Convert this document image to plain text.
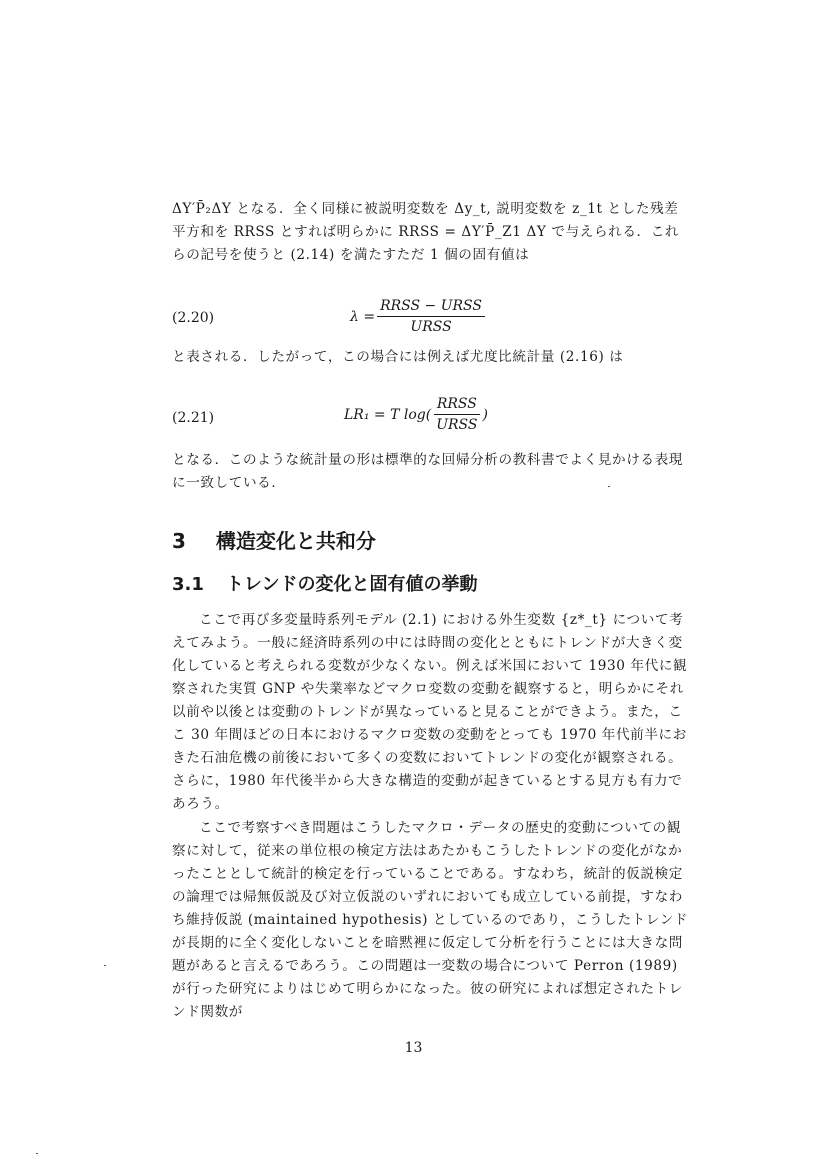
ΔY′P̄₂ΔY となる．全く同様に被説明変数を Δy_t, 説明変数を z_1t とした残差平方和を RRSS とすれば明らかに RRSS = ΔY′P̄_Z1 ΔY で与えられる．これらの記号を使うと (2.14) を満たすただ 1 個の固有値は
(2.20)	$\lambda = \frac{\text{RRSS − URSS}}{\text{URSS}}$
と表される．したがって，この場合には例えば尤度比統計量 (2.16) は
(2.21)	LR₁ = T $\log( \frac{\text{RRSS}}{\text{URSS}}$ )
となる．このような統計量の形は標準的な回帰分析の教科書でよく見かける表現に一致している．
3 構造変化と共和分
3.1 トレンドの変化と固有値の挙動
ここで再び多変量時系列モデル (2.1) における外生変数 {z*_t} について考えてみよう。一般に経済時系列の中には時間の変化とともにトレンドが大きく変化していると考えられる変数が少なくない。例えば米国において 1930 年代に観察された実質 GNP や失業率などマクロ変数の変動を観察すると，明らかにそれ以前や以後とは変動のトレンドが異なっていると見ることができよう。また，ここ 30 年間ほどの日本におけるマクロ変数の変動をとっても 1970 年代前半におきた石油危機の前後において多くの変数においてトレンドの変化が観察される。さらに，1980 年代後半から大きな構造的変動が起きているとする見方も有力であろう。
ここで考察すべき問題はこうしたマクロ・データの歴史的変動についての観察に対して，従来の単位根の検定方法はあたかもこうしたトレンドの変化がなかったこととして統計的検定を行っていることである。すなわち，統計的仮説検定の論理では帰無仮説及び対立仮説のいずれにおいても成立している前提，すなわち維持仮説 (maintained hypothesis) としているのであり，こうしたトレンドが長期的に全く変化しないことを暗黙裡に仮定して分析を行うことには大きな問題があると言えるであろう。この問題は一変数の場合について Perron (1989) が行った研究によりはじめて明らかになった。彼の研究によれば想定されたトレンド関数が
13
